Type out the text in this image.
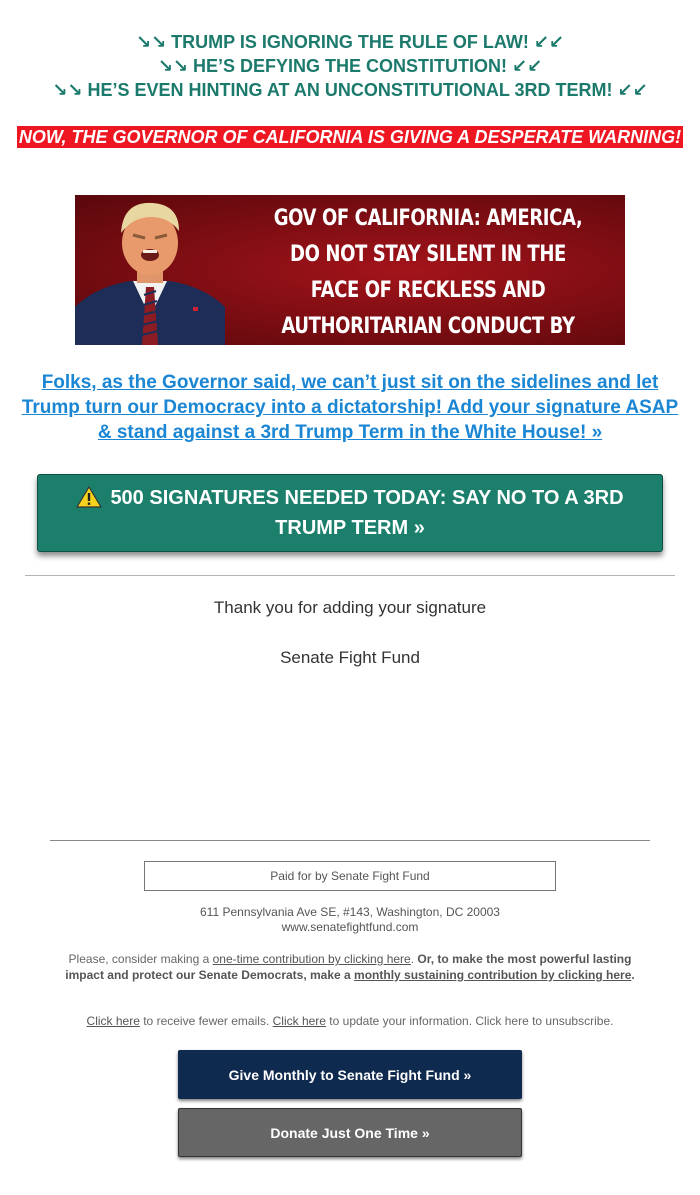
↘↘ TRUMP IS IGNORING THE RULE OF LAW! ↙↙
↘↘ HE’S DEFYING THE CONSTITUTION! ↙↙
↘↘ HE’S EVEN HINTING AT AN UNCONSTITUTIONAL 3RD TERM! ↙↙
NOW, THE GOVERNOR OF CALIFORNIA IS GIVING A DESPERATE WARNING!
GOV OF CALIFORNIA: AMERICA, DO NOT STAY SILENT IN THE FACE OF RECKLESS AND AUTHORITARIAN CONDUCT BY
Folks, as the Governor said, we can’t just sit on the sidelines and let Trump turn our Democracy into a dictatorship! Add your signature ASAP & stand against a 3rd Trump Term in the White House! »
500 SIGNATURES NEEDED TODAY: SAY NO TO A 3RD TRUMP TERM »
Thank you for adding your signature
Senate Fight Fund
Paid for by Senate Fight Fund
611 Pennsylvania Ave SE, #143, Washington, DC 20003
www.senatefightfund.com
Please, consider making a one-time contribution by clicking here. Or, to make the most powerful lasting impact and protect our Senate Democrats, make a monthly sustaining contribution by clicking here.
Click here to receive fewer emails. Click here to update your information. Click here to unsubscribe.
Give Monthly to Senate Fight Fund »
Donate Just One Time »
